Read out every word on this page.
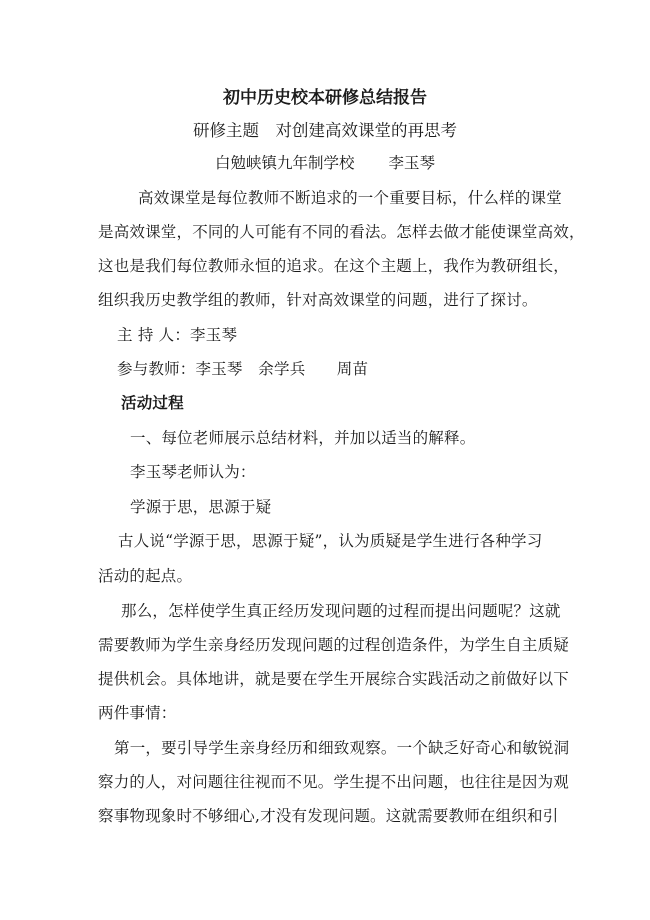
初中历史校本研修总结报告
研修主题　对创建高效课堂的再思考
白勉峡镇九年制学校 李玉琴

高效课堂是每位教师不断追求的一个重要目标，什么样的课堂

是高效课堂，不同的人可能有不同的看法。怎样去做才能使课堂高效，

这也是我们每位教师永恒的追求。在这个主题上，我作为教研组长，

组织我历史教学组的教师，针对高效课堂的问题，进行了探讨。

主 持 人：李玉琴

参与教师：李玉琴　余学兵　　周苗

活动过程

一、每位老师展示总结材料，并加以适当的解释。

李玉琴老师认为：

学源于思，思源于疑

古人说“学源于思，思源于疑”，认为质疑是学生进行各种学习

活动的起点。

那么，怎样使学生真正经历发现问题的过程而提出问题呢？这就

需要教师为学生亲身经历发现问题的过程创造条件，为学生自主质疑

提供机会。具体地讲，就是要在学生开展综合实践活动之前做好以下

两件事情：

第一，要引导学生亲身经历和细致观察。一个缺乏好奇心和敏锐洞

察力的人，对问题往往视而不见。学生提不出问题，也往往是因为观

察事物现象时不够细心,才没有发现问题。这就需要教师在组织和引
